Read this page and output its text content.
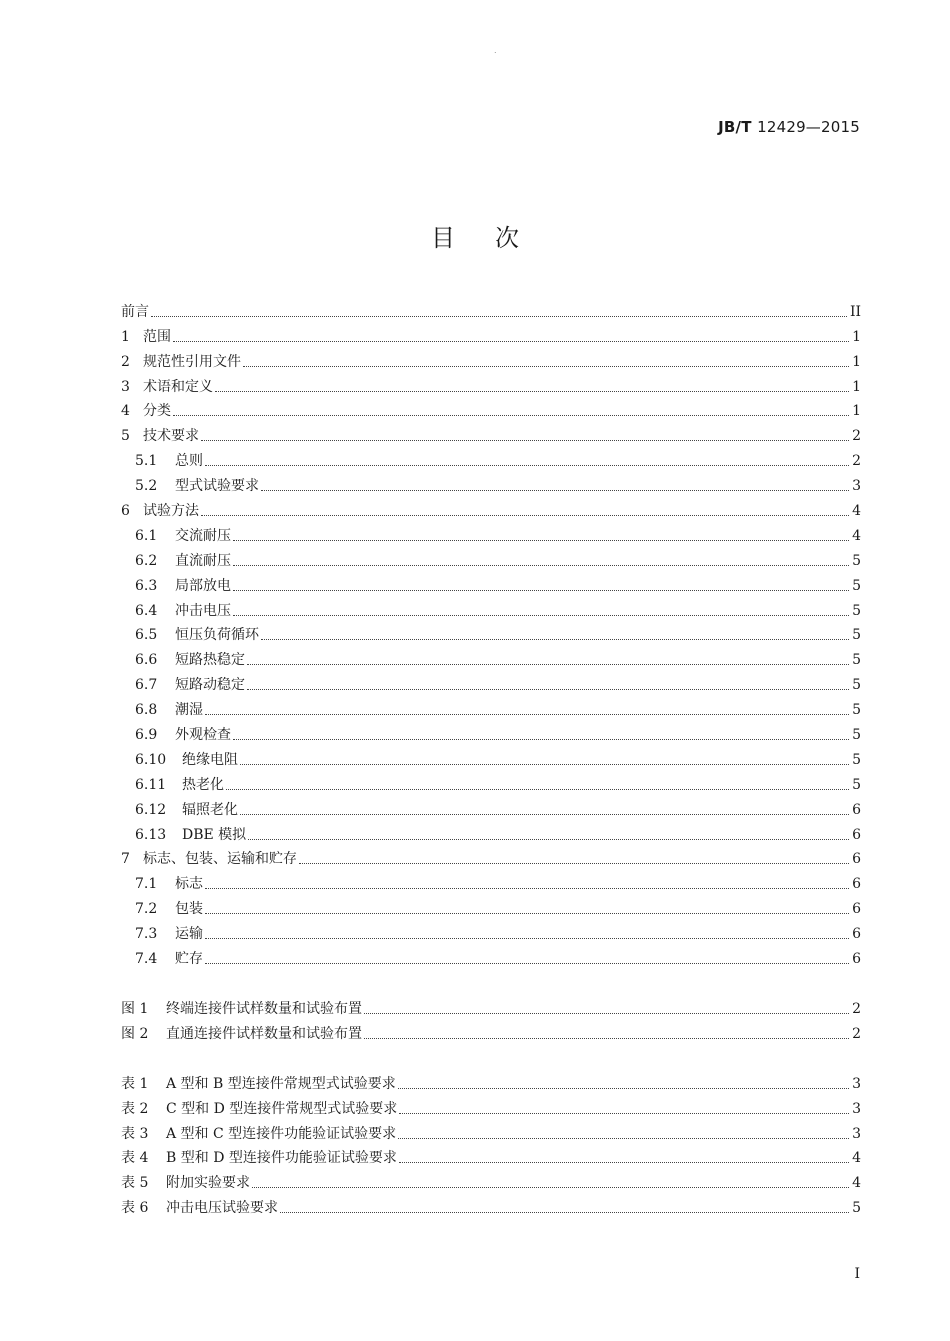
.
JB/T 12429—2015
目次
前言	II
1 范围	1
2 规范性引用文件	1
3 术语和定义	1
4 分类	1
5 技术要求	2
5.1	总则	2
5.2	型式试验要求	3
6 试验方法	4
6.1	交流耐压	4
6.2	直流耐压	5
6.3	局部放电	5
6.4	冲击电压	5
6.5	恒压负荷循环	5
6.6	短路热稳定	5
6.7	短路动稳定	5
6.8	潮湿	5
6.9	外观检查	5
6.10	绝缘电阻	5
6.11	热老化	5
6.12	辐照老化	6
6.13	DBE 模拟	6
7 标志、包装、运输和贮存	6
7.1	标志	6
7.2	包装	6
7.3	运输	6
7.4	贮存	6
图 1	终端连接件试样数量和试验布置	2
图 2	直通连接件试样数量和试验布置	2
表 1	A 型和 B 型连接件常规型式试验要求	3
表 2	C 型和 D 型连接件常规型式试验要求	3
表 3	A 型和 C 型连接件功能验证试验要求	3
表 4	B 型和 D 型连接件功能验证试验要求	4
表 5	附加实验要求	4
表 6	冲击电压试验要求	5
I
